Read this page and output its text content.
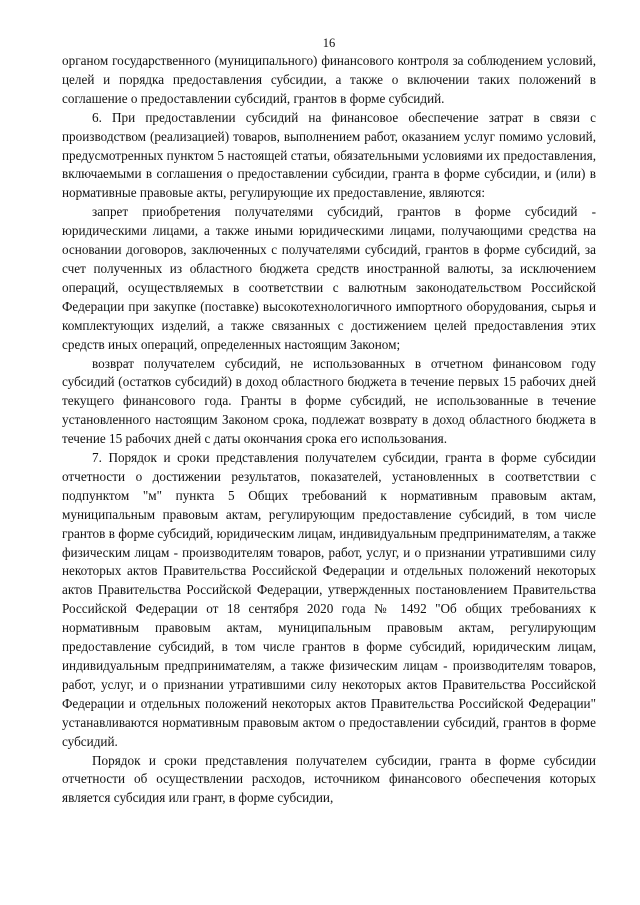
16

органом государственного (муниципального) финансового контроля за соблюдением условий, целей и порядка предоставления субсидии, а также о включении таких положений в соглашение о предоставлении субсидий, грантов в форме субсидий.

6. При предоставлении субсидий на финансовое обеспечение затрат в связи с производством (реализацией) товаров, выполнением работ, оказанием услуг помимо условий, предусмотренных пунктом 5 настоящей статьи, обязательными условиями их предоставления, включаемыми в соглашения о предоставлении субсидии, гранта в форме субсидии, и (или) в нормативные правовые акты, регулирующие их предоставление, являются:

запрет приобретения получателями субсидий, грантов в форме субсидий - юридическими лицами, а также иными юридическими лицами, получающими средства на основании договоров, заключенных с получателями субсидий, грантов в форме субсидий, за счет полученных из областного бюджета средств иностранной валюты, за исключением операций, осуществляемых в соответствии с валютным законодательством Российской Федерации при закупке (поставке) высокотехнологичного импортного оборудования, сырья и комплектующих изделий, а также связанных с достижением целей предоставления этих средств иных операций, определенных настоящим Законом;

возврат получателем субсидий, не использованных в отчетном финансовом году субсидий (остатков субсидий) в доход областного бюджета в течение первых 15 рабочих дней текущего финансового года. Гранты в форме субсидий, не использованные в течение установленного настоящим Законом срока, подлежат возврату в доход областного бюджета в течение 15 рабочих дней с даты окончания срока его использования.

7. Порядок и сроки представления получателем субсидии, гранта в форме субсидии отчетности о достижении результатов, показателей, установленных в соответствии с подпунктом "м" пункта 5 Общих требований к нормативным правовым актам, муниципальным правовым актам, регулирующим предоставление субсидий, в том числе грантов в форме субсидий, юридическим лицам, индивидуальным предпринимателям, а также физическим лицам - производителям товаров, работ, услуг, и о признании утратившими силу некоторых актов Правительства Российской Федерации и отдельных положений некоторых актов Правительства Российской Федерации, утвержденных постановлением Правительства Российской Федерации от 18 сентября 2020 года № 1492 "Об общих требованиях к нормативным правовым актам, муниципальным правовым актам, регулирующим предоставление субсидий, в том числе грантов в форме субсидий, юридическим лицам, индивидуальным предпринимателям, а также физическим лицам - производителям товаров, работ, услуг, и о признании утратившими силу некоторых актов Правительства Российской Федерации и отдельных положений некоторых актов Правительства Российской Федерации" устанавливаются нормативным правовым актом о предоставлении субсидий, грантов в форме субсидий.

Порядок и сроки представления получателем субсидии, гранта в форме субсидии отчетности об осуществлении расходов, источником финансового обеспечения которых является субсидия или грант, в форме субсидии,
